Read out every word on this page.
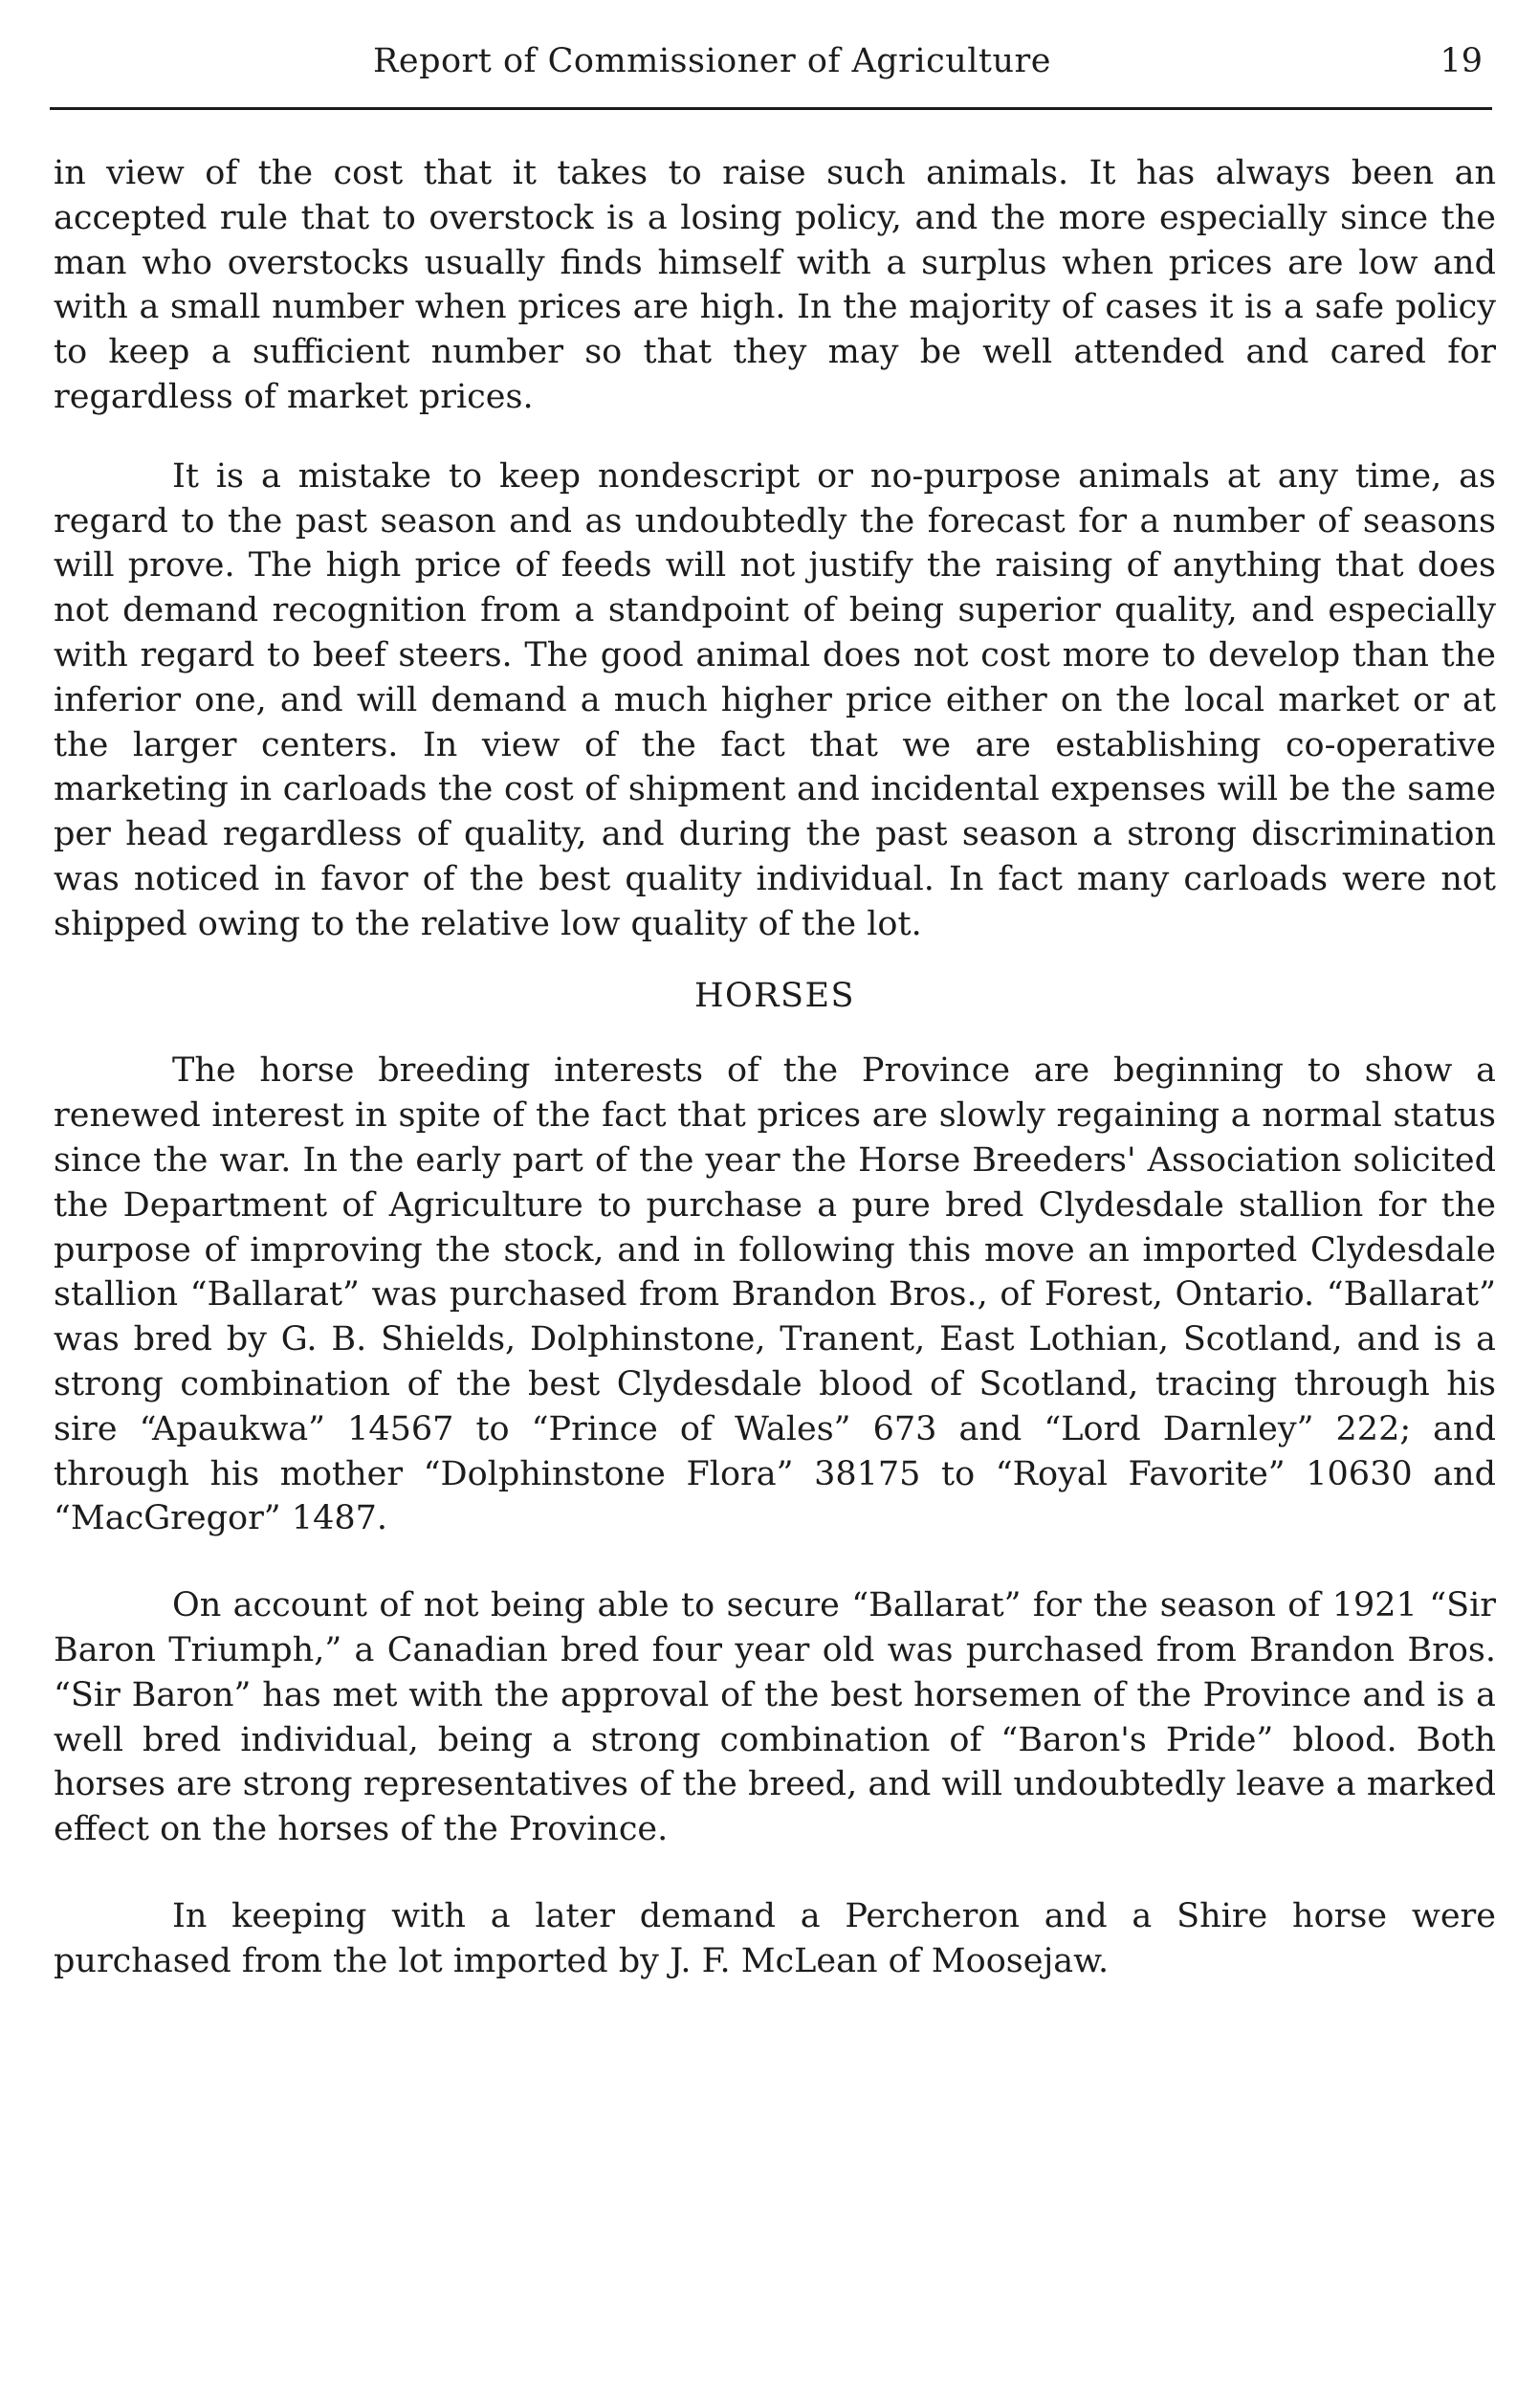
Report of Commissioner of Agriculture	19

in view of the cost that it takes to raise such animals. It has always been an accepted rule that to overstock is a losing policy, and the more especially since the man who overstocks usually finds himself with a surplus when prices are low and with a small number when prices are high. In the majority of cases it is a safe policy to keep a sufficient number so that they may be well attended and cared for regardless of market prices.

It is a mistake to keep nondescript or no-purpose animals at any time, as regard to the past season and as undoubtedly the forecast for a number of seasons will prove. The high price of feeds will not justify the raising of anything that does not demand recognition from a standpoint of being superior quality, and especially with regard to beef steers. The good animal does not cost more to develop than the inferior one, and will demand a much higher price either on the local market or at the larger centers. In view of the fact that we are establishing co-operative marketing in carloads the cost of shipment and incidental expenses will be the same per head regardless of quality, and during the past season a strong discrimination was noticed in favor of the best quality individual. In fact many carloads were not shipped owing to the relative low quality of the lot.

HORSES

The horse breeding interests of the Province are beginning to show a renewed interest in spite of the fact that prices are slowly regaining a normal status since the war. In the early part of the year the Horse Breeders' Association solicited the Department of Agriculture to purchase a pure bred Clydesdale stallion for the purpose of improving the stock, and in following this move an imported Clydesdale stallion “Ballarat” was purchased from Brandon Bros., of Forest, Ontario. “Ballarat” was bred by G. B. Shields, Dolphinstone, Tranent, East Lothian, Scotland, and is a strong combination of the best Clydesdale blood of Scotland, tracing through his sire “Apaukwa” 14567 to “Prince of Wales” 673 and “Lord Darnley” 222; and through his mother “Dolphinstone Flora” 38175 to “Royal Favorite” 10630 and “MacGregor” 1487.

On account of not being able to secure “Ballarat” for the season of 1921 “Sir Baron Triumph,” a Canadian bred four year old was purchased from Brandon Bros. “Sir Baron” has met with the approval of the best horsemen of the Province and is a well bred individual, being a strong combination of “Baron's Pride” blood. Both horses are strong representatives of the breed, and will undoubtedly leave a marked effect on the horses of the Province.

In keeping with a later demand a Percheron and a Shire horse were purchased from the lot imported by J. F. McLean of Moosejaw.
